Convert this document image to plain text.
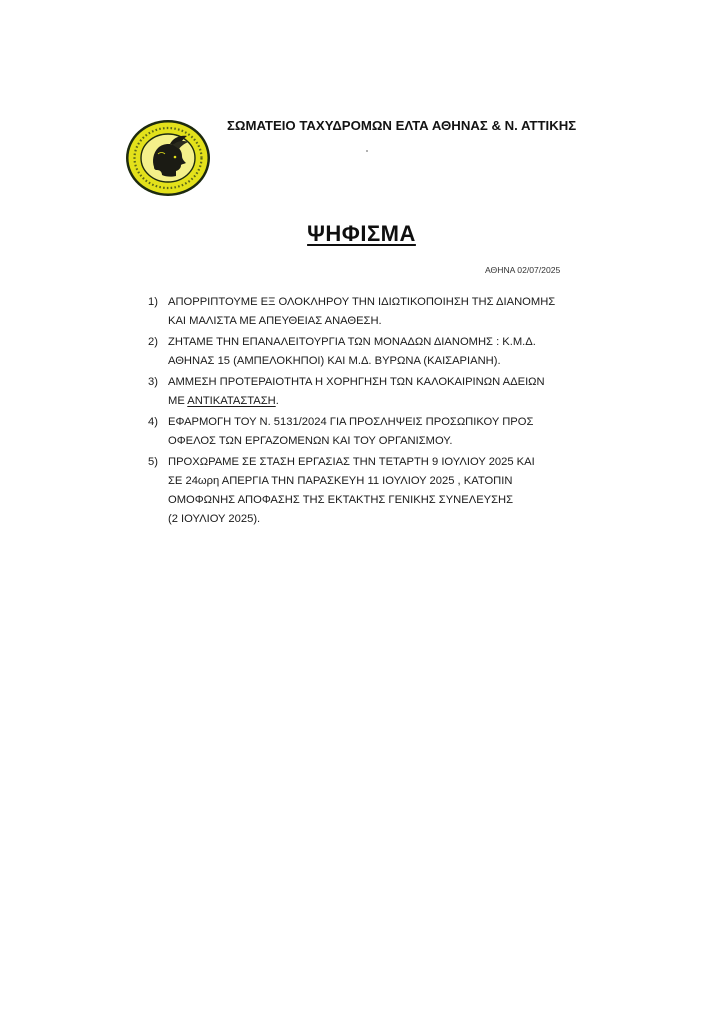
ΣΩΜΑΤΕΙΟ ΤΑΧΥΔΡΟΜΩΝ ΕΛΤΑ ΑΘΗΝΑΣ & Ν. ΑΤΤΙΚΗΣ
ΨΗΦΙΣΜΑ
ΑΘΗΝΑ 02/07/2025
1) ΑΠΟΡΡΙΠΤΟΥΜΕ ΕΞ ΟΛΟΚΛΗΡΟΥ ΤΗΝ ΙΔΙΩΤΙΚΟΠΟΙΗΣΗ ΤΗΣ ΔΙΑΝΟΜΗΣ
ΚΑΙ ΜΑΛΙΣΤΑ ΜΕ ΑΠΕΥΘΕΙΑΣ ΑΝΑΘΕΣΗ.
2) ΖΗΤΑΜΕ ΤΗΝ ΕΠΑΝΑΛΕΙΤΟΥΡΓΙΑ ΤΩΝ ΜΟΝΑΔΩΝ ΔΙΑΝΟΜΗΣ : Κ.Μ.Δ.
ΑΘΗΝΑΣ 15 (ΑΜΠΕΛΟΚΗΠΟΙ) ΚΑΙ Μ.Δ. ΒΥΡΩΝΑ (ΚΑΙΣΑΡΙΑΝΗ).
3) ΑΜΜΕΣΗ ΠΡΟΤΕΡΑΙΟΤΗΤΑ Η ΧΟΡΗΓΗΣΗ ΤΩΝ ΚΑΛΟΚΑΙΡΙΝΩΝ ΑΔΕΙΩΝ
ΜΕ ΑΝΤΙΚΑΤΑΣΤΑΣΗ.
4) ΕΦΑΡΜΟΓΗ ΤΟΥ Ν. 5131/2024 ΓΙΑ ΠΡΟΣΛΗΨΕΙΣ ΠΡΟΣΩΠΙΚΟΥ ΠΡΟΣ
ΟΦΕΛΟΣ ΤΩΝ ΕΡΓΑΖΟΜΕΝΩΝ ΚΑΙ ΤΟΥ ΟΡΓΑΝΙΣΜΟΥ.
5) ΠΡΟΧΩΡΑΜΕ ΣΕ ΣΤΑΣΗ ΕΡΓΑΣΙΑΣ ΤΗΝ ΤΕΤΑΡΤΗ 9 ΙΟΥΛΙΟΥ 2025 ΚΑΙ
ΣΕ 24ωρη ΑΠΕΡΓΙΑ ΤΗΝ ΠΑΡΑΣΚΕΥΗ 11 ΙΟΥΛΙΟΥ 2025 , ΚΑΤΟΠΙΝ
ΟΜΟΦΩΝΗΣ ΑΠΟΦΑΣΗΣ ΤΗΣ ΕΚΤΑΚΤΗΣ ΓΕΝΙΚΗΣ ΣΥΝΕΛΕΥΣΗΣ
(2 ΙΟΥΛΙΟΥ 2025).
